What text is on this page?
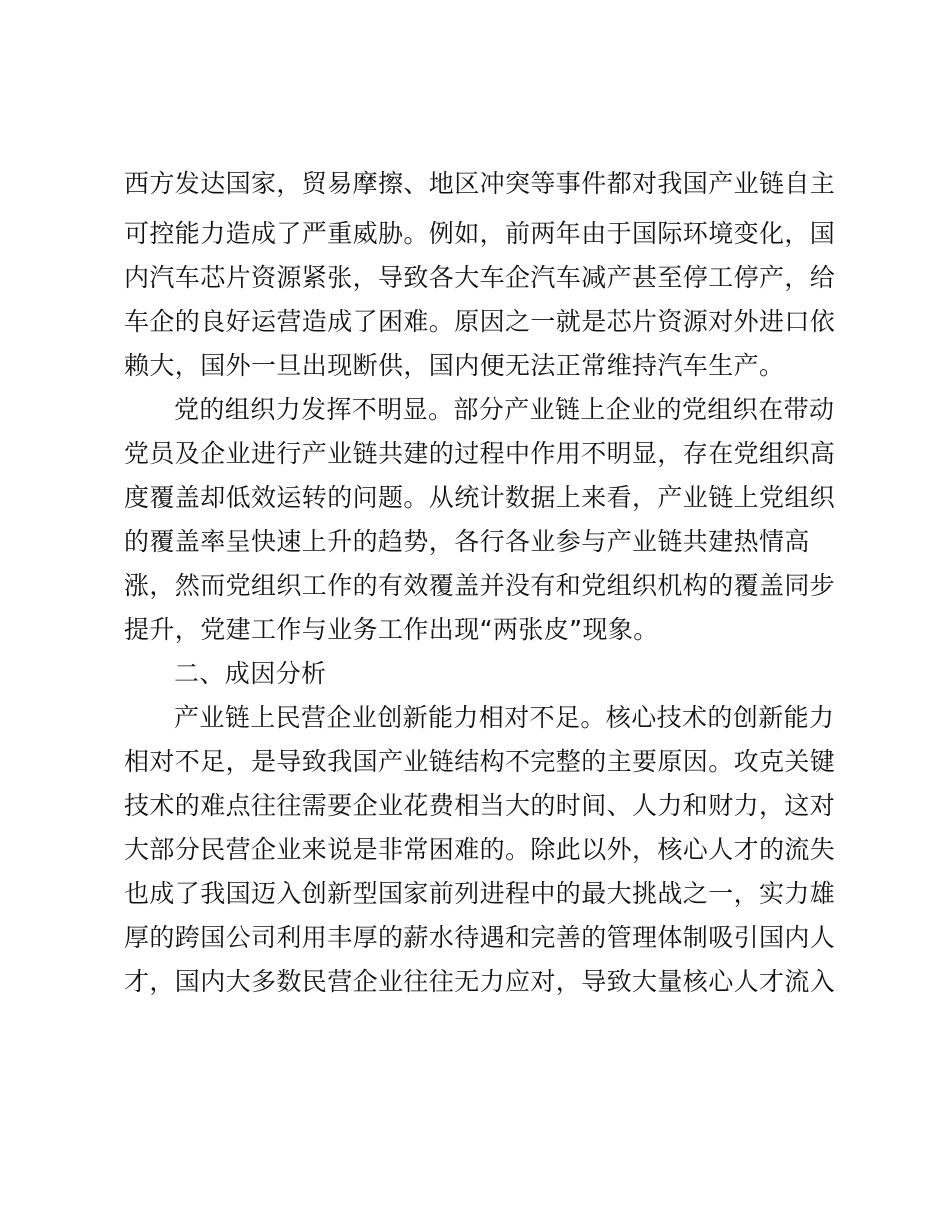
西方发达国家，贸易摩擦、地区冲突等事件都对我国产业链自主
可控能力造成了严重威胁。例如，前两年由于国际环境变化，国
内汽车芯片资源紧张，导致各大车企汽车减产甚至停工停产，给
车企的良好运营造成了困难。原因之一就是芯片资源对外进口依
赖大，国外一旦出现断供，国内便无法正常维持汽车生产。
党的组织力发挥不明显。部分产业链上企业的党组织在带动
党员及企业进行产业链共建的过程中作用不明显，存在党组织高
度覆盖却低效运转的问题。从统计数据上来看，产业链上党组织
的覆盖率呈快速上升的趋势，各行各业参与产业链共建热情高
涨，然而党组织工作的有效覆盖并没有和党组织机构的覆盖同步
提升，党建工作与业务工作出现“两张皮”现象。
二、成因分析
产业链上民营企业创新能力相对不足。核心技术的创新能力
相对不足，是导致我国产业链结构不完整的主要原因。攻克关键
技术的难点往往需要企业花费相当大的时间、人力和财力，这对
大部分民营企业来说是非常困难的。除此以外，核心人才的流失
也成了我国迈入创新型国家前列进程中的最大挑战之一，实力雄
厚的跨国公司利用丰厚的薪水待遇和完善的管理体制吸引国内人
才，国内大多数民营企业往往无力应对，导致大量核心人才流入
